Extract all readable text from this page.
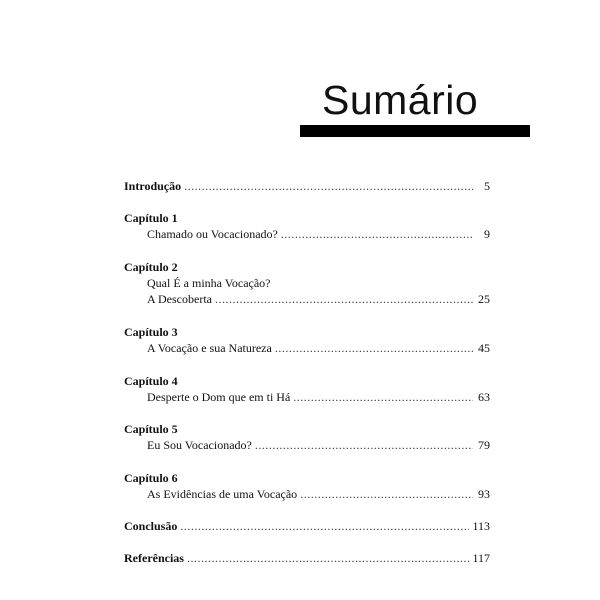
Sumário
Introdução .....	5
Capítulo 1
Chamado ou Vocacionado? .....	9
Capítulo 2
Qual É a minha Vocação?
A Descoberta .....	25
Capítulo 3
A Vocação e sua Natureza .....	45
Capítulo 4
Desperte o Dom que em ti Há .....	63
Capítulo 5
Eu Sou Vocacionado? .....	79
Capítulo 6
As Evidências de uma Vocação .....	93
Conclusão .....	113
Referências .....	117
